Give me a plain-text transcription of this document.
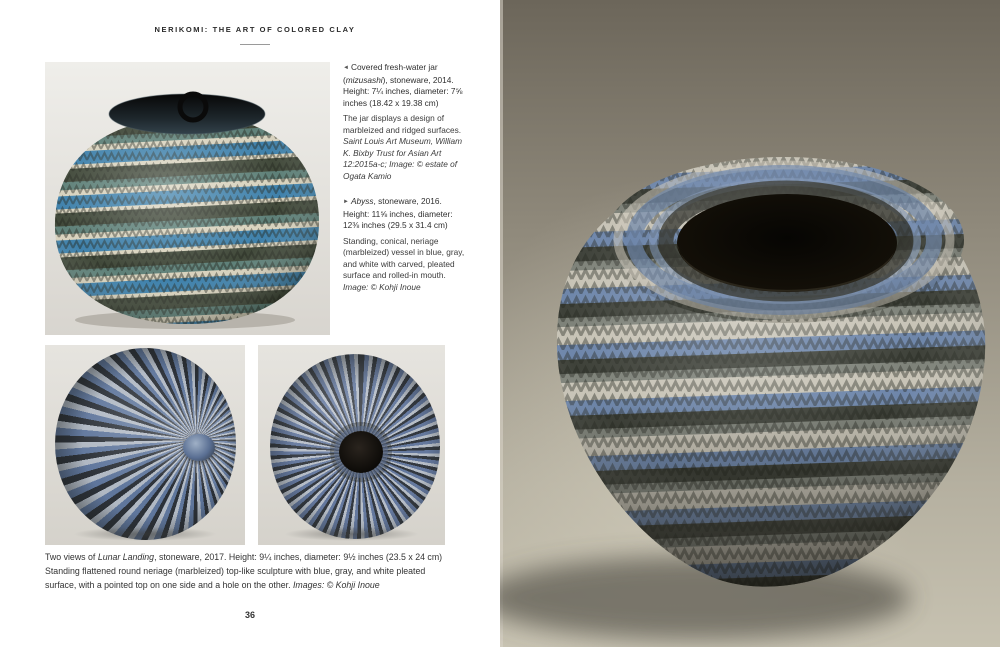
NERIKOMI: THE ART OF COLORED CLAY

◄ Covered fresh-water jar (mizusashi), stoneware, 2014. Height: 7¼ inches, diameter: 7⅝ inches (18.42 x 19.38 cm)

The jar displays a design of marbleized and ridged surfaces. Saint Louis Art Museum, William K. Bixby Trust for Asian Art 12:2015a-c; Image: © estate of Ogata Kamio

► Abyss, stoneware, 2016. Height: 11⅝ inches, diameter: 12⅜ inches (29.5 x 31.4 cm)

Standing, conical, neriage (marbleized) vessel in blue, gray, and white with carved, pleated surface and rolled-in mouth. Image: © Kohji Inoue

Two views of Lunar Landing, stoneware, 2017. Height: 9¼ inches, diameter: 9½ inches (23.5 x 24 cm)

Standing flattened round neriage (marbleized) top-like sculpture with blue, gray, and white pleated surface, with a pointed top on one side and a hole on the other. Images: © Kohji Inoue

36
